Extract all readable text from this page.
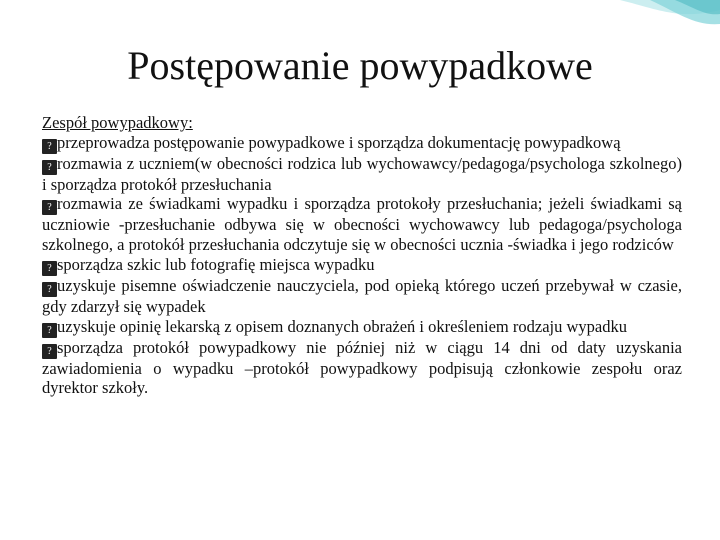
Postępowanie powypadkowe
Zespół powypadkowy:
? przeprowadza postępowanie powypadkowe i sporządza dokumentację powypadkową
? rozmawia z uczniem(w obecności rodzica lub wychowawcy/pedagoga/psychologa szkolnego) i sporządza protokół przesłuchania
? rozmawia ze świadkami wypadku i sporządza protokoły przesłuchania; jeżeli świadkami są uczniowie -przesłuchanie odbywa się w obecności wychowawcy lub pedagoga/psychologa szkolnego, a protokół przesłuchania odczytuje się w obecności ucznia -świadka i jego rodziców
? sporządza szkic lub fotografię miejsca wypadku
? uzyskuje pisemne oświadczenie nauczyciela, pod opieką którego uczeń przebywał w czasie, gdy zdarzył się wypadek
? uzyskuje opinię lekarską z opisem doznanych obrażeń i określeniem rodzaju wypadku
? sporządza protokół powypadkowy nie później niż w ciągu 14 dni od daty uzyskania zawiadomienia o wypadku –protokół powypadkowy podpisują członkowie zespołu oraz dyrektor szkoły.
